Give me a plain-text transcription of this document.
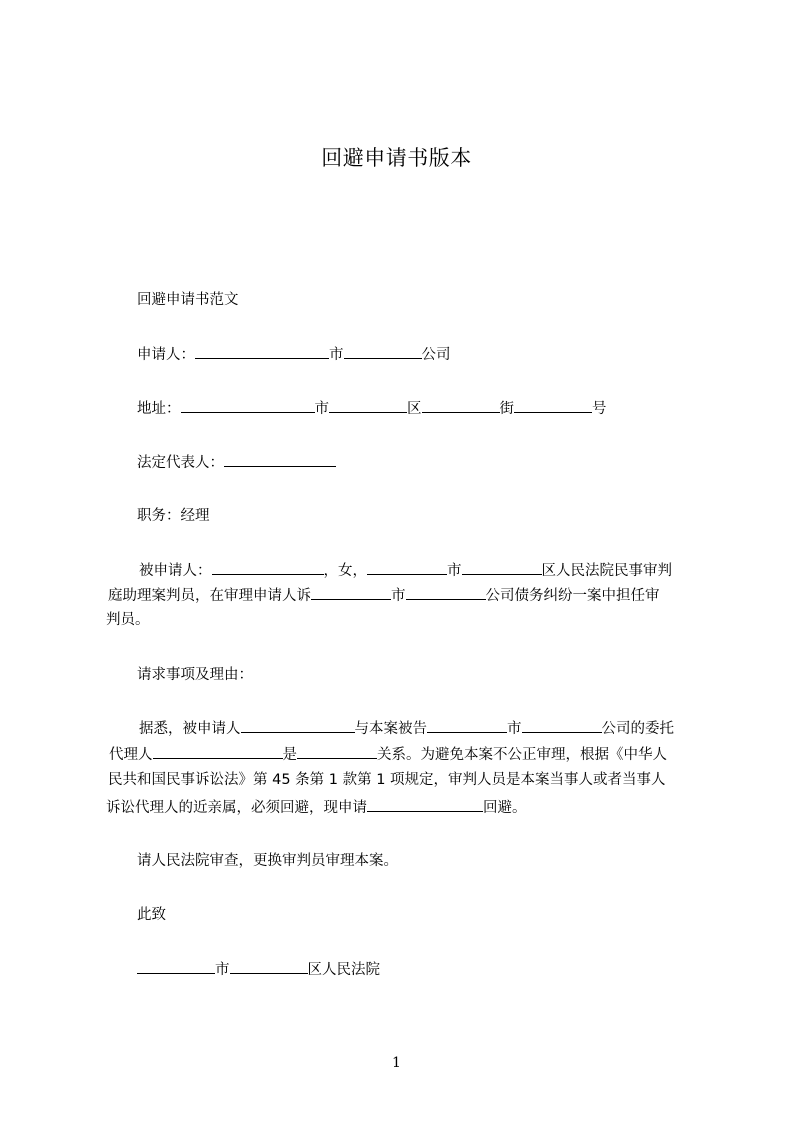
回避申请书版本
回避申请书范文
申请人：	市	公司
地址：	市	区	街	号
法定代表人：
职务：经理
被申请人：	，女，	市	区人民法院民事审判
庭助理案判员，在审理申请人诉	市	公司债务纠纷一案中担任审
判员。
请求事项及理由：
据悉，被申请人	与本案被告	市	公司的委托
代理人	是	关系。为避免本案不公正审理，根据《中华人
民共和国民事诉讼法》第 45 条第 1 款第 1 项规定，审判人员是本案当事人或者当事人
诉讼代理人的近亲属，必须回避，现申请	回避。
请人民法院审查，更换审判员审理本案。
此致
市	区人民法院
1
